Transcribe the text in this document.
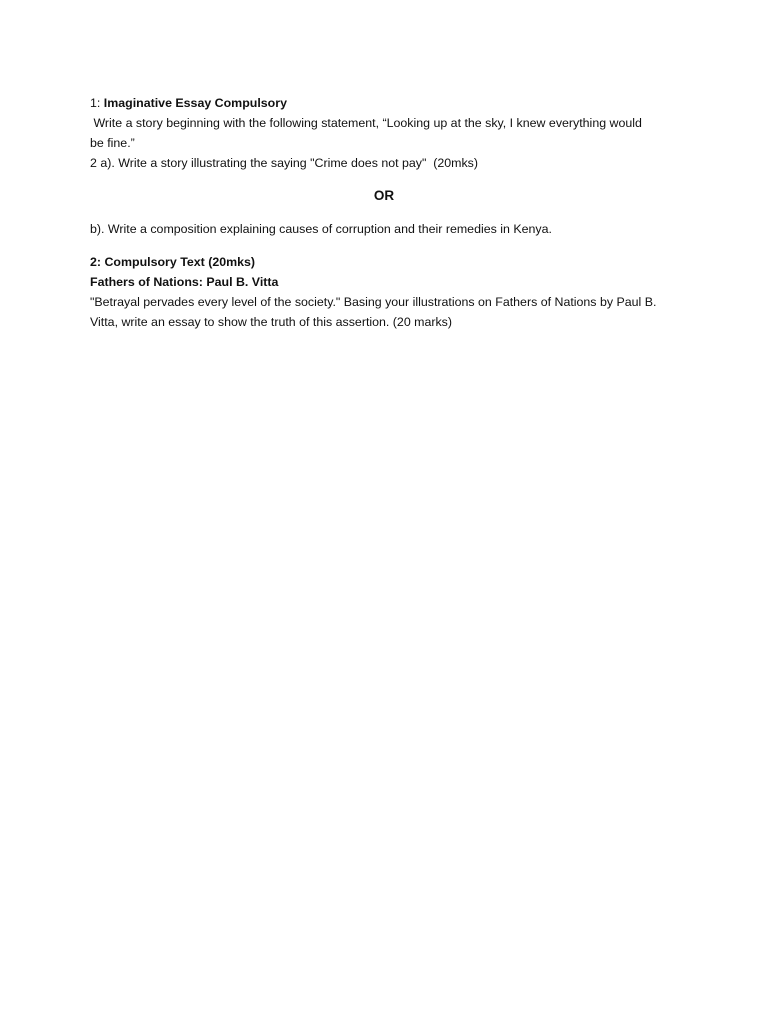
1: Imaginative Essay Compulsory
Write a story beginning with the following statement, “Looking up at the sky, I knew everything would
be fine.”
2 a). Write a story illustrating the saying "Crime does not pay"  (20mks)
OR
b). Write a composition explaining causes of corruption and their remedies in Kenya.
2: Compulsory Text (20mks)
Fathers of Nations: Paul B. Vitta
"Betrayal pervades every level of the society." Basing your illustrations on Fathers of Nations by Paul B.
Vitta, write an essay to show the truth of this assertion. (20 marks)
